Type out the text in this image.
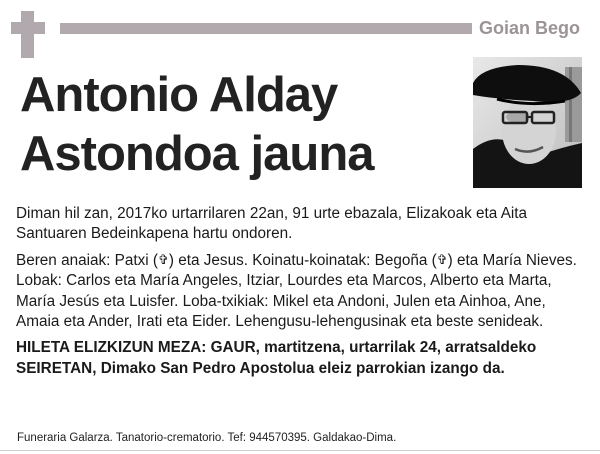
Goian Bego
Antonio Alday
Astondoa jauna

Diman hil zan, 2017ko urtarrilaren 22an, 91 urte ebazala, Elizakoak eta Aita Santuaren Bedeinkapena hartu ondoren.

Beren anaiak: Patxi (✞) eta Jesus. Koinatu-koinatak: Begoña (✞) eta María Nieves. Lobak: Carlos eta María Angeles, Itziar, Lourdes eta Marcos, Alberto eta Marta, María Jesús eta Luisfer. Loba-txikiak: Mikel eta Andoni, Julen eta Ainhoa, Ane, Amaia eta Ander, Irati eta Eider. Lehengusu-lehengusinak eta beste senideak.

HILETA ELIZKIZUN MEZA: GAUR, martitzena, urtarrilak 24, arratsaldeko SEIRETAN, Dimako San Pedro Apostolua eleiz parrokian izango da.

Funeraria Galarza. Tanatorio-crematorio. Tef: 944570395. Galdakao-Dima.
